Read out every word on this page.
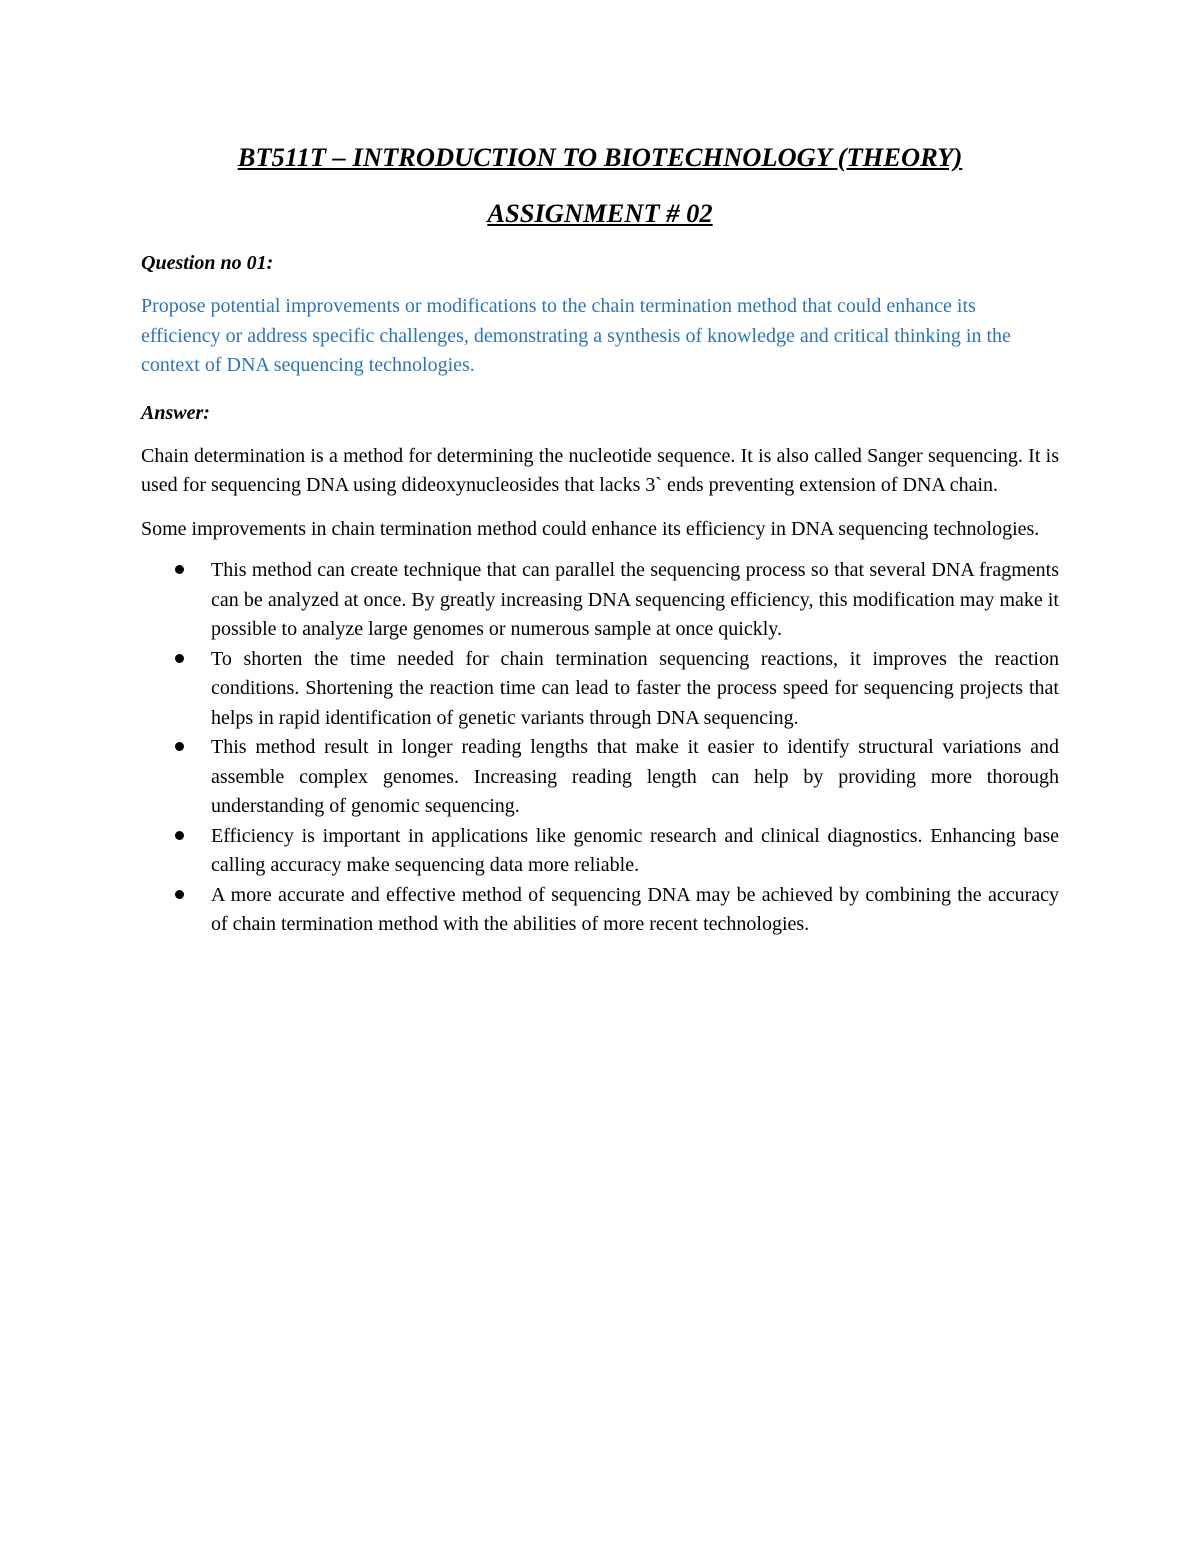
BT511T – INTRODUCTION TO BIOTECHNOLOGY (THEORY)
ASSIGNMENT # 02

Question no 01:

Propose potential improvements or modifications to the chain termination method that could enhance its efficiency or address specific challenges, demonstrating a synthesis of knowledge and critical thinking in the context of DNA sequencing technologies.

Answer:

Chain determination is a method for determining the nucleotide sequence. It is also called Sanger sequencing. It is used for sequencing DNA using dideoxynucleosides that lacks 3` ends preventing extension of DNA chain.

Some improvements in chain termination method could enhance its efficiency in DNA sequencing technologies.

This method can create technique that can parallel the sequencing process so that several DNA fragments can be analyzed at once. By greatly increasing DNA sequencing efficiency, this modification may make it possible to analyze large genomes or numerous sample at once quickly.
To shorten the time needed for chain termination sequencing reactions, it improves the reaction conditions. Shortening the reaction time can lead to faster the process speed for sequencing projects that helps in rapid identification of genetic variants through DNA sequencing.
This method result in longer reading lengths that make it easier to identify structural variations and assemble complex genomes. Increasing reading length can help by providing more thorough understanding of genomic sequencing.
Efficiency is important in applications like genomic research and clinical diagnostics. Enhancing base calling accuracy make sequencing data more reliable.
A more accurate and effective method of sequencing DNA may be achieved by combining the accuracy of chain termination method with the abilities of more recent technologies.
